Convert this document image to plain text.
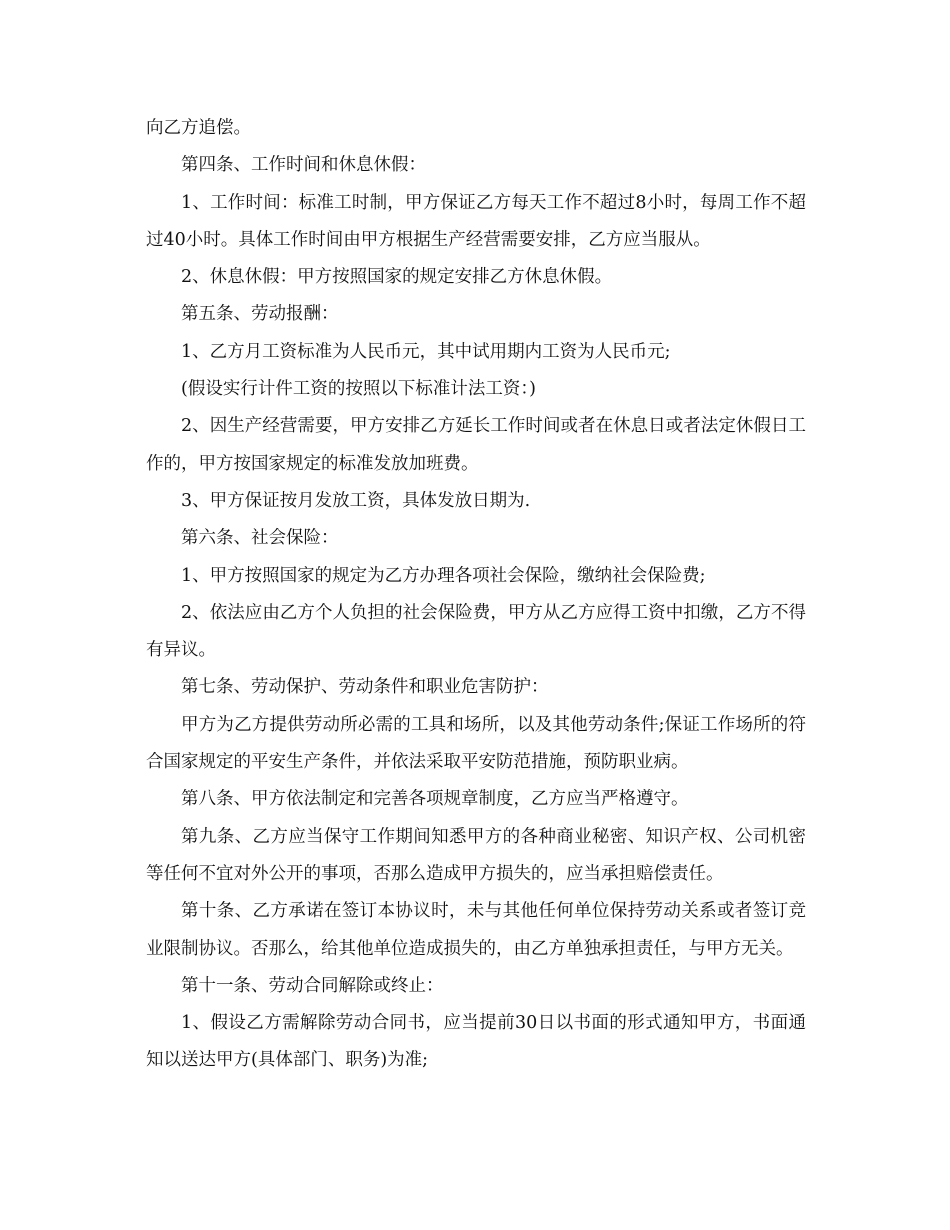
向乙方追偿。

第四条、工作时间和休息休假：

1、工作时间：标准工时制，甲方保证乙方每天工作不超过8小时，每周工作不超过40小时。具体工作时间由甲方根据生产经营需要安排，乙方应当服从。

2、休息休假：甲方按照国家的规定安排乙方休息休假。

第五条、劳动报酬：

1、乙方月工资标准为人民币元，其中试用期内工资为人民币元;

(假设实行计件工资的按照以下标准计法工资：)

2、因生产经营需要，甲方安排乙方延长工作时间或者在休息日或者法定休假日工作的，甲方按国家规定的标准发放加班费。

3、甲方保证按月发放工资，具体发放日期为.

第六条、社会保险：

1、甲方按照国家的规定为乙方办理各项社会保险，缴纳社会保险费;

2、依法应由乙方个人负担的社会保险费，甲方从乙方应得工资中扣缴，乙方不得有异议。

第七条、劳动保护、劳动条件和职业危害防护：

甲方为乙方提供劳动所必需的工具和场所，以及其他劳动条件;保证工作场所的符合国家规定的平安生产条件，并依法采取平安防范措施，预防职业病。

第八条、甲方依法制定和完善各项规章制度，乙方应当严格遵守。

第九条、乙方应当保守工作期间知悉甲方的各种商业秘密、知识产权、公司机密等任何不宜对外公开的事项，否那么造成甲方损失的，应当承担赔偿责任。

第十条、乙方承诺在签订本协议时，未与其他任何单位保持劳动关系或者签订竞业限制协议。否那么，给其他单位造成损失的，由乙方单独承担责任，与甲方无关。

第十一条、劳动合同解除或终止：

1、假设乙方需解除劳动合同书，应当提前30日以书面的形式通知甲方，书面通知以送达甲方(具体部门、职务)为准;
